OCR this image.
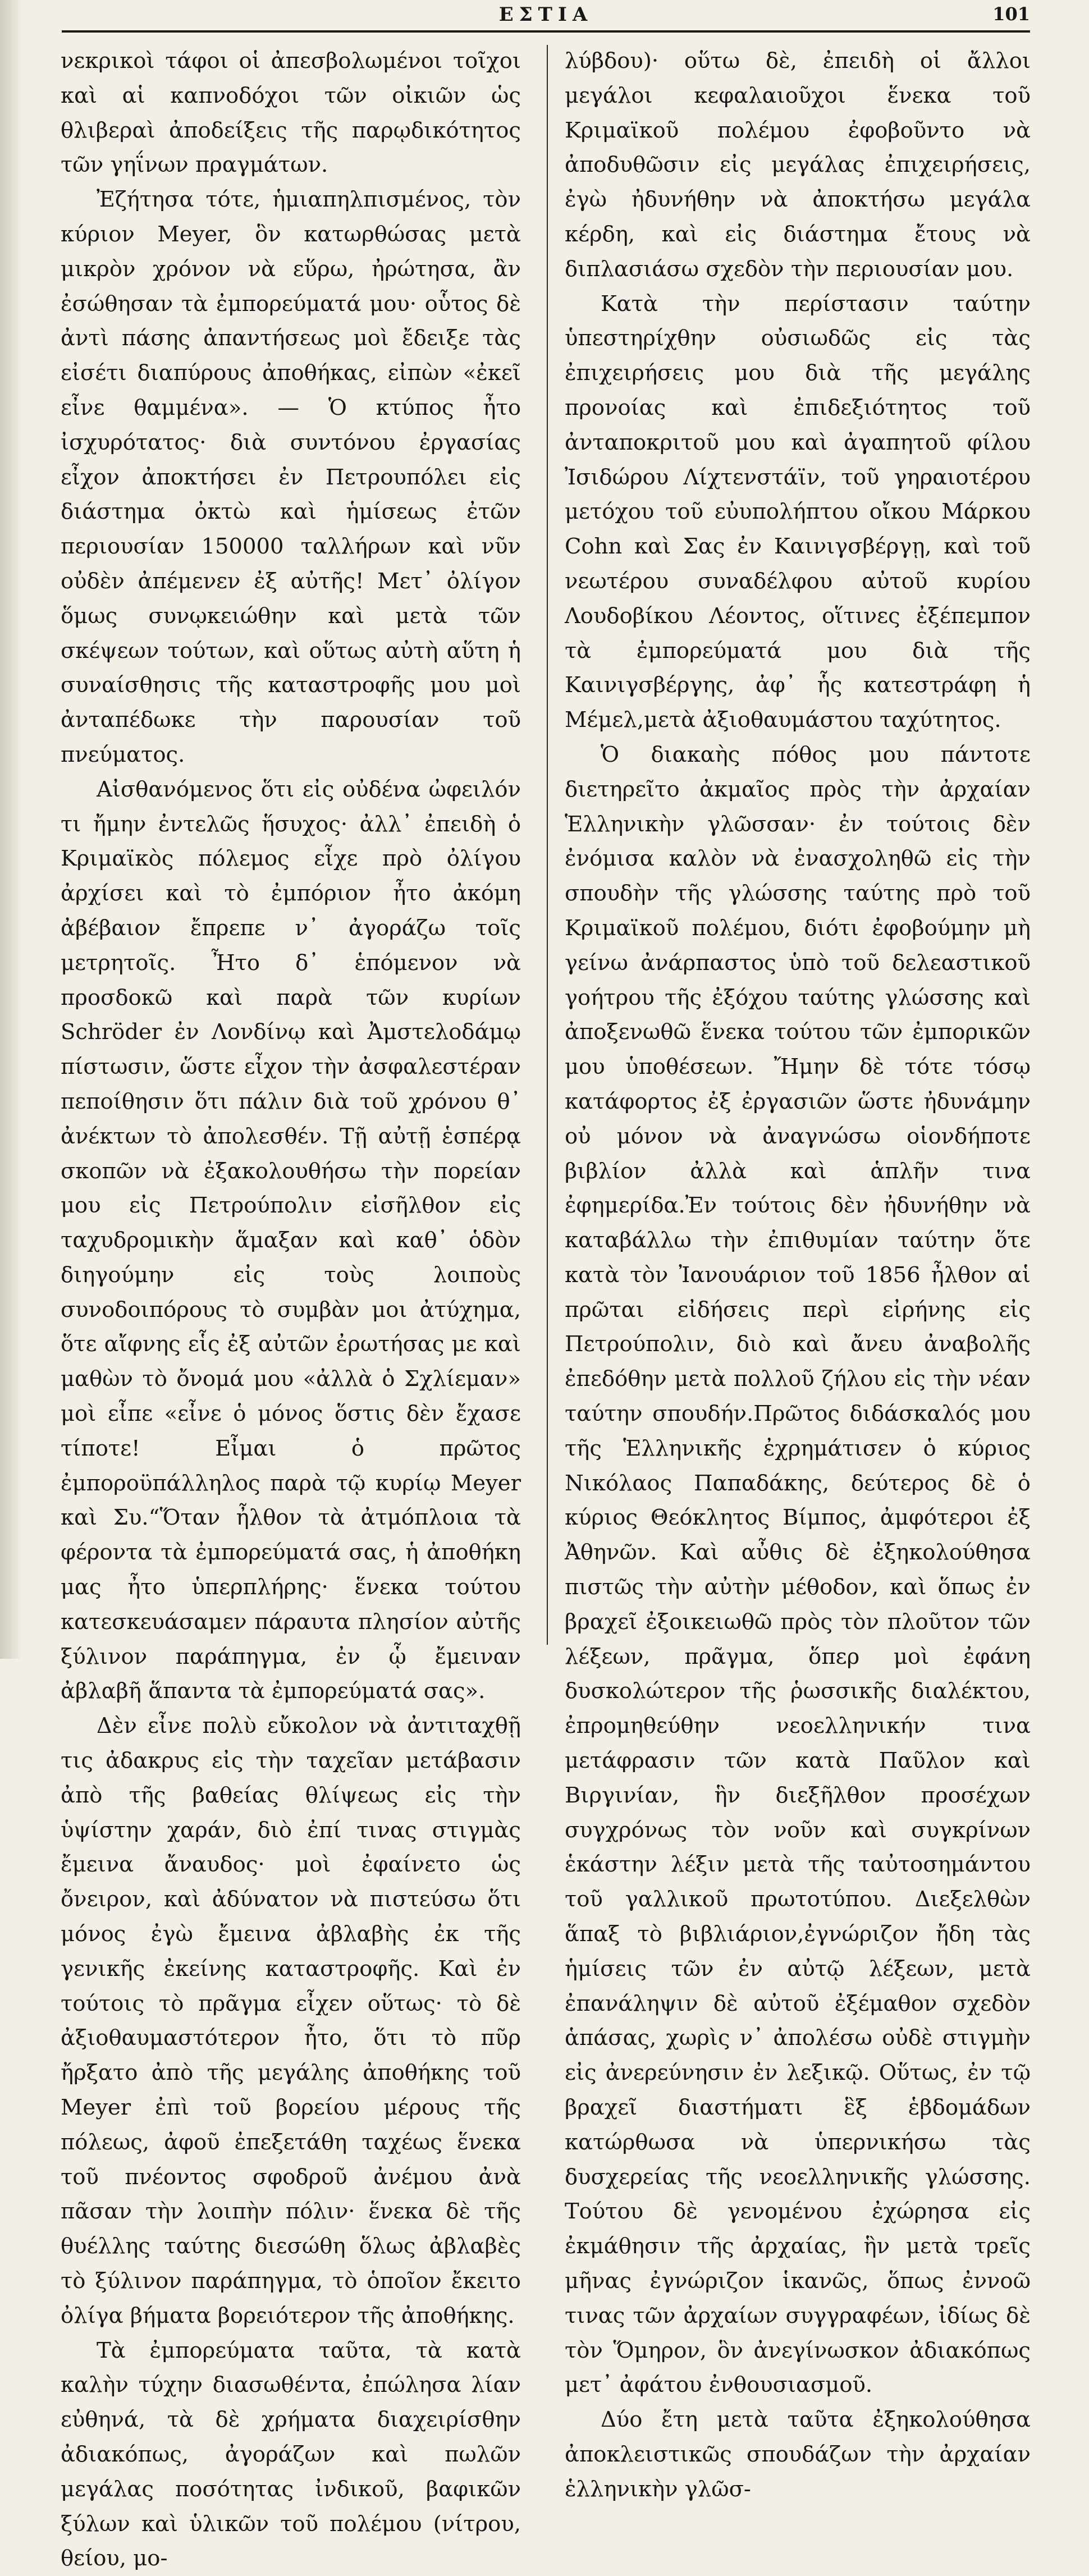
ΕΣΤΙΑ	101

νεκρικοὶ τάφοι οἱ ἀπεσβολωμένοι τοῖχοι καὶ αἱ καπνοδόχοι τῶν οἰκιῶν ὡς θλιβεραὶ ἀποδείξεις τῆς παρῳδικότητος τῶν γηΐνων πραγμάτων.

Ἐζήτησα τότε, ἡμιαπηλπισμένος, τὸν κύριον Meyer, ὃν κατωρθώσας μετὰ μικρὸν χρόνον νὰ εὕρω, ἠρώτησα, ἂν ἐσώθησαν τὰ ἐμπορεύματά μου· οὗτος δὲ ἀντὶ πάσης ἀπαντήσεως μοὶ ἔδειξε τὰς εἰσέτι διαπύρους ἀποθήκας, εἰπὼν «ἐκεῖ εἶνε θαμμένα». — Ὁ κτύπος ἦτο ἰσχυρότατος· διὰ συντόνου ἐργασίας εἶχον ἀποκτήσει ἐν Πετρουπόλει εἰς διάστημα ὀκτὼ καὶ ἡμίσεως ἐτῶν περιουσίαν 150000 ταλλήρων καὶ νῦν οὐδὲν ἀπέμενεν ἐξ αὐτῆς! Μετ᾿ ὀλίγον ὅμως συνῳκειώθην καὶ μετὰ τῶν σκέψεων τούτων, καὶ οὕτως αὐτὴ αὕτη ἡ συναίσθησις τῆς καταστροφῆς μου μοὶ ἀνταπέδωκε τὴν παρουσίαν τοῦ πνεύματος.

Αἰσθανόμενος ὅτι εἰς οὐδένα ὠφειλόν τι ἤμην ἐντελῶς ἥσυχος· ἀλλ᾿ ἐπειδὴ ὁ Κριμαϊκὸς πόλεμος εἶχε πρὸ ὀλίγου ἀρχίσει καὶ τὸ ἐμπόριον ἦτο ἀκόμη ἀβέβαιον ἔπρεπε ν᾿ ἀγοράζω τοῖς μετρητοῖς. Ἦτο δ᾿ ἑπόμενον νὰ προσδοκῶ καὶ παρὰ τῶν κυρίων Schröder ἐν Λονδίνῳ καὶ Ἀμστελοδάμῳ πίστωσιν, ὥστε εἶχον τὴν ἀσφαλεστέραν πεποίθησιν ὅτι πάλιν διὰ τοῦ χρόνου θ᾿ ἀνέκτων τὸ ἀπολεσθέν. Τῇ αὐτῇ ἑσπέρᾳ σκοπῶν νὰ ἐξακολουθήσω τὴν πορείαν μου εἰς Πετρούπολιν εἰσῆλθον εἰς ταχυδρομικὴν ἅμαξαν καὶ καθ᾿ ὁδὸν διηγούμην εἰς τοὺς λοιποὺς συνοδοιπόρους τὸ συμβὰν μοι ἀτύχημα, ὅτε αἴφνης εἷς ἐξ αὐτῶν ἐρωτήσας με καὶ μαθὼν τὸ ὄνομά μου «ἀλλὰ ὁ Σχλίεμαν» μοὶ εἶπε «εἶνε ὁ μόνος ὅστις δὲν ἔχασε τίποτε! Εἶμαι ὁ πρῶτος ἐμποροϋπάλληλος παρὰ τῷ κυρίῳ Meyer καὶ Συ.“Ὅταν ἦλθον τὰ ἀτμόπλοια τὰ φέροντα τὰ ἐμπορεύματά σας, ἡ ἀποθήκη μας ἦτο ὑπερπλήρης· ἕνεκα τούτου κατεσκευάσαμεν πάραυτα πλησίον αὐτῆς ξύλινον παράπηγμα, ἐν ᾧ ἔμειναν ἀβλαβῆ ἅπαντα τὰ ἐμπορεύματά σας».

Δὲν εἶνε πολὺ εὔκολον νὰ ἀντιταχθῇ τις ἀδακρυς εἰς τὴν ταχεῖαν μετάβασιν ἀπὸ τῆς βαθείας θλίψεως εἰς τὴν ὑψίστην χαράν, διὸ ἐπί τινας στιγμὰς ἔμεινα ἄναυδος· μοὶ ἐφαίνετο ὡς ὄνειρον, καὶ ἀδύνατον νὰ πιστεύσω ὅτι μόνος ἐγὼ ἔμεινα ἀβλαβὴς ἐκ τῆς γενικῆς ἐκείνης καταστροφῆς. Καὶ ἐν τούτοις τὸ πρᾶγμα εἶχεν οὕτως· τὸ δὲ ἀξιοθαυμαστότερον ἦτο, ὅτι τὸ πῦρ ἤρξατο ἀπὸ τῆς μεγάλης ἀποθήκης τοῦ Meyer ἐπὶ τοῦ βορείου μέρους τῆς πόλεως, ἀφοῦ ἐπεξετάθη ταχέως ἕνεκα τοῦ πνέοντος σφοδροῦ ἀνέμου ἀνὰ πᾶσαν τὴν λοιπὴν πόλιν· ἕνεκα δὲ τῆς θυέλλης ταύτης διεσώθη ὅλως ἀβλαβὲς τὸ ξύλινον παράπηγμα, τὸ ὁποῖον ἔκειτο ὀλίγα βήματα βορειότερον τῆς ἀποθήκης.

Τὰ ἐμπορεύματα ταῦτα, τὰ κατὰ καλὴν τύχην διασωθέντα, ἐπώλησα λίαν εὐθηνά, τὰ δὲ χρήματα διαχειρίσθην ἀδιακόπως, ἀγοράζων καὶ πωλῶν μεγάλας ποσότητας ἰνδικοῦ, βαφικῶν ξύλων καὶ ὑλικῶν τοῦ πολέμου (νίτρου, θείου, μο-

λύβδου)· οὕτω δὲ, ἐπειδὴ οἱ ἄλλοι μεγάλοι κεφαλαιοῦχοι ἕνεκα τοῦ Κριμαϊκοῦ πολέμου ἐφοβοῦντο νὰ ἀποδυθῶσιν εἰς μεγάλας ἐπιχειρήσεις, ἐγὼ ἠδυνήθην νὰ ἀποκτήσω μεγάλα κέρδη, καὶ εἰς διάστημα ἔτους νὰ διπλασιάσω σχεδὸν τὴν περιουσίαν μου.

Κατὰ τὴν περίστασιν ταύτην ὑπεστηρίχθην οὐσιωδῶς εἰς τὰς ἐπιχειρήσεις μου διὰ τῆς μεγάλης προνοίας καὶ ἐπιδεξιότητος τοῦ ἀνταποκριτοῦ μου καὶ ἀγαπητοῦ φίλου Ἰσιδώρου Λίχτενστάϊν, τοῦ γηραιοτέρου μετόχου τοῦ εὐυπολήπτου οἴκου Μάρκου Cohn καὶ Σας ἐν Καινιγσβέργῃ, καὶ τοῦ νεωτέρου συναδέλφου αὐτοῦ κυρίου Λουδοβίκου Λέοντος, οἵτινες ἐξέπεμπον τὰ ἐμπορεύματά μου διὰ τῆς Καινιγσβέργης, ἀφ᾿ ἧς κατεστράφη ἡ Μέμελ,μετὰ ἀξιοθαυμάστου ταχύτητος.

Ὁ διακαὴς πόθος μου πάντοτε διετηρεῖτο ἀκμαῖος πρὸς τὴν ἀρχαίαν Ἑλληνικὴν γλῶσσαν· ἐν τούτοις δὲν ἐνόμισα καλὸν νὰ ἐνασχοληθῶ εἰς τὴν σπουδὴν τῆς γλώσσης ταύτης πρὸ τοῦ Κριμαϊκοῦ πολέμου, διότι ἐφοβούμην μὴ γείνω ἀνάρπαστος ὑπὸ τοῦ δελεαστικοῦ γοήτρου τῆς ἐξόχου ταύτης γλώσσης καὶ ἀποξενωθῶ ἕνεκα τούτου τῶν ἐμπορικῶν μου ὑποθέσεων. Ἤμην δὲ τότε τόσῳ κατάφορτος ἐξ ἐργασιῶν ὥστε ἠδυνάμην οὐ μόνον νὰ ἀναγνώσω οἱονδήποτε βιβλίον ἀλλὰ καὶ ἁπλῆν τινα ἐφημερίδα.Ἐν τούτοις δὲν ἠδυνήθην νὰ καταβάλλω τὴν ἐπιθυμίαν ταύτην ὅτε κατὰ τὸν Ἰανουάριον τοῦ 1856 ἦλθον αἱ πρῶται εἰδήσεις περὶ εἰρήνης εἰς Πετρούπολιν, διὸ καὶ ἄνευ ἀναβολῆς ἐπεδόθην μετὰ πολλοῦ ζήλου εἰς τὴν νέαν ταύτην σπουδήν.Πρῶτος διδάσκαλός μου τῆς Ἑλληνικῆς ἐχρημάτισεν ὁ κύριος Νικόλαος Παπαδάκης, δεύτερος δὲ ὁ κύριος Θεόκλητος Βίμπος, ἀμφότεροι ἐξ Ἀθηνῶν. Καὶ αὖθις δὲ ἐξηκολούθησα πιστῶς τὴν αὐτὴν μέθοδον, καὶ ὅπως ἐν βραχεῖ ἐξοικειωθῶ πρὸς τὸν πλοῦτον τῶν λέξεων, πρᾶγμα, ὅπερ μοὶ ἐφάνη δυσκολώτερον τῆς ῥωσσικῆς διαλέκτου, ἐπρομηθεύθην νεοελληνικήν τινα μετάφρασιν τῶν κατὰ Παῦλον καὶ Βιργινίαν, ἣν διεξῆλθον προσέχων συγχρόνως τὸν νοῦν καὶ συγκρίνων ἑκάστην λέξιν μετὰ τῆς ταὐτοσημάντου τοῦ γαλλικοῦ πρωτοτύπου. Διεξελθὼν ἅπαξ τὸ βιβλιάριον,ἐγνώριζον ἤδη τὰς ἡμίσεις τῶν ἐν αὐτῷ λέξεων, μετὰ ἐπανάληψιν δὲ αὐτοῦ ἐξέμαθον σχεδὸν ἁπάσας, χωρὶς ν᾿ ἀπολέσω οὐδὲ στιγμὴν εἰς ἀνερεύνησιν ἐν λεξικῷ. Οὕτως, ἐν τῷ βραχεῖ διαστήματι ἓξ ἑβδομάδων κατώρθωσα νὰ ὑπερνικήσω τὰς δυσχερείας τῆς νεοελληνικῆς γλώσσης. Τούτου δὲ γενομένου ἐχώρησα εἰς ἐκμάθησιν τῆς ἀρχαίας, ἣν μετὰ τρεῖς μῆνας ἐγνώριζον ἱκανῶς, ὅπως ἐννοῶ τινας τῶν ἀρχαίων συγγραφέων, ἰδίως δὲ τὸν Ὅμηρον, ὃν ἀνεγίνωσκον ἀδιακόπως μετ᾿ ἀφάτου ἐνθουσιασμοῦ.

Δύο ἔτη μετὰ ταῦτα ἐξηκολούθησα ἀποκλειστικῶς σπουδάζων τὴν ἀρχαίαν ἑλληνικὴν γλῶσ-
